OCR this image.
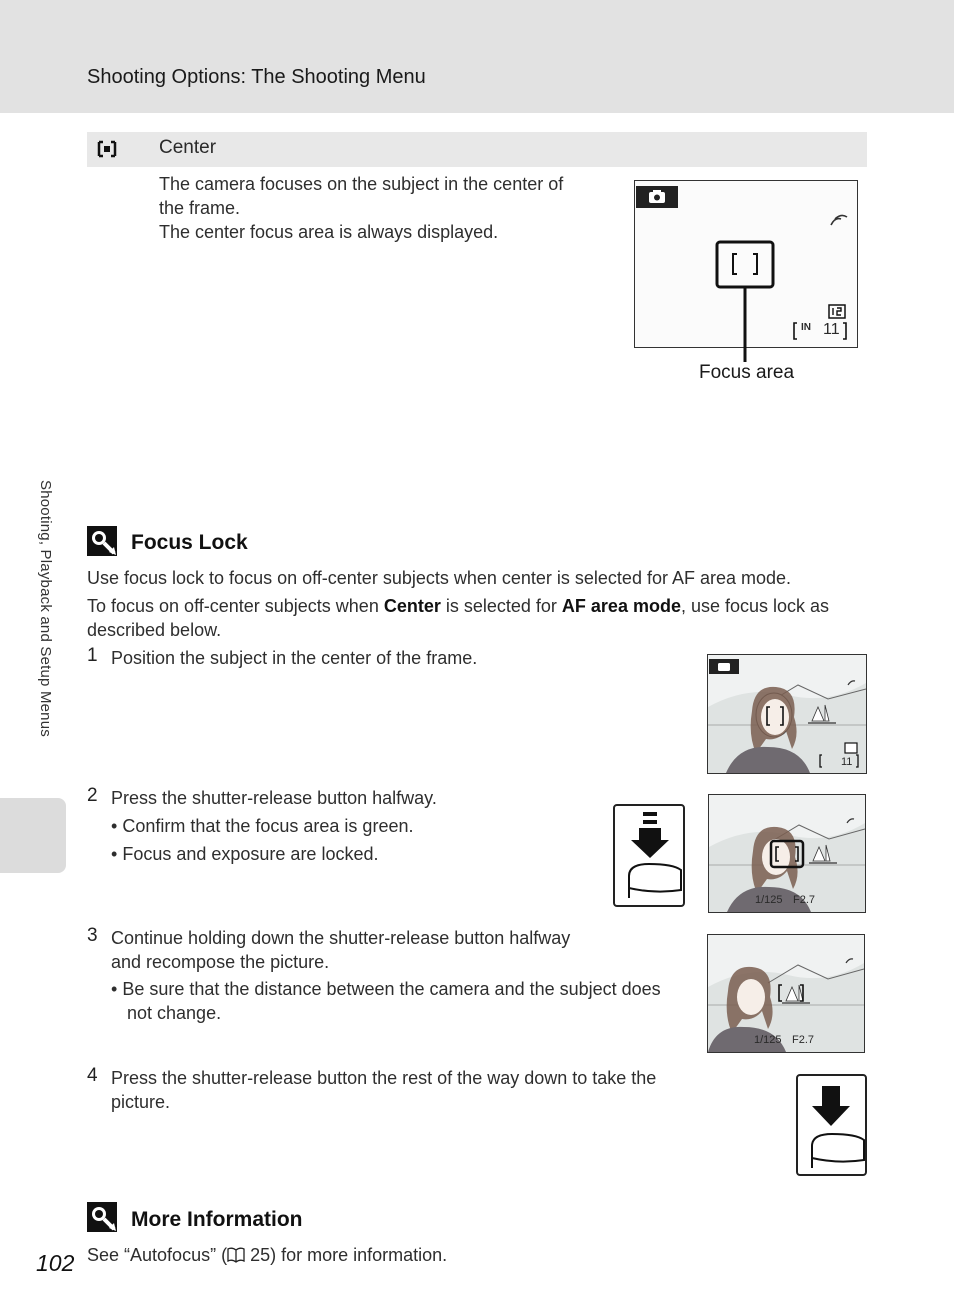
Shooting Options: The Shooting Menu
Shooting, Playback and Setup Menus
Center
The camera focuses on the subject in the center of
the frame.
The center focus area is always displayed.
IN 11
Focus area
Focus Lock
Use focus lock to focus on off-center subjects when center is selected for AF area mode.
To focus on off-center subjects when Center is selected for AF area mode, use focus lock as
described below.
1 Position the subject in the center of the frame.
11
2 Press the shutter-release button halfway.
• Confirm that the focus area is green.
• Focus and exposure are locked.
1/125 F2.7
3 Continue holding down the shutter-release button halfway
and recompose the picture.
• Be sure that the distance between the camera and the subject does
not change.
1/125 F2.7
4 Press the shutter-release button the rest of the way down to take the
picture.
More Information
See “Autofocus” ( 25) for more information.
102
